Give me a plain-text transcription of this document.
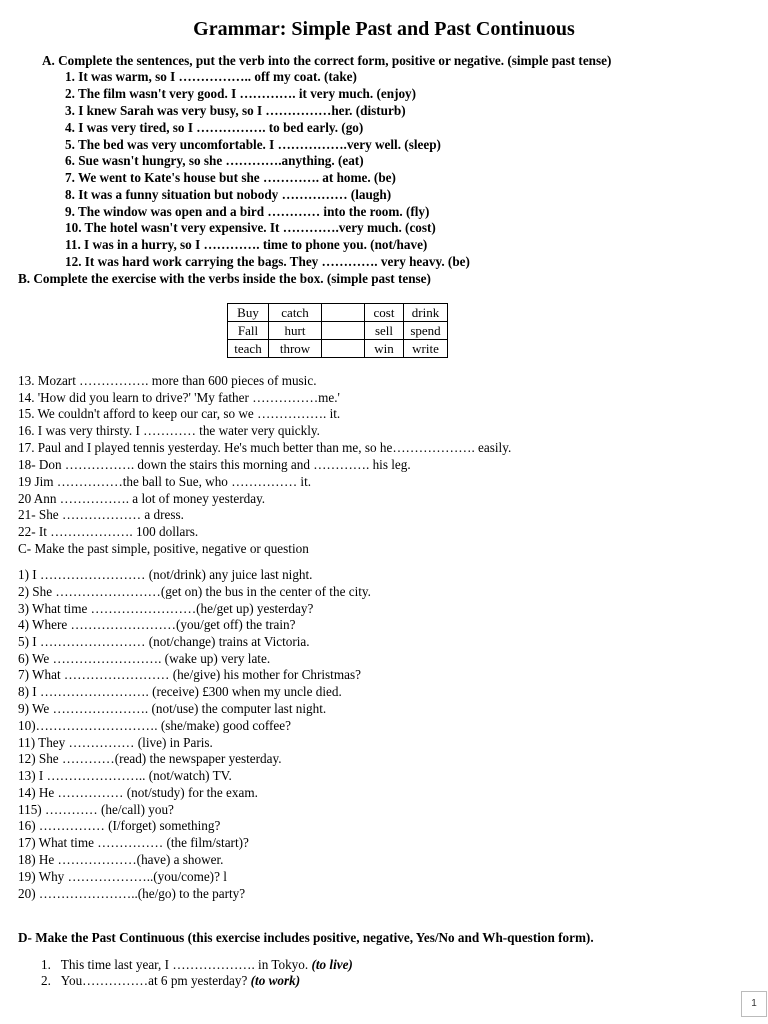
Grammar: Simple Past and Past Continuous
A. Complete the sentences, put the verb into the correct form, positive or negative. (simple past tense)
1. It was warm, so I …………….. off my coat. (take)
2. The film wasn't very good. I …………. it very much. (enjoy)
3. I knew Sarah was very busy, so I ……………her. (disturb)
4. I was very tired, so I ……………. to bed early. (go)
5. The bed was very uncomfortable. I …………….very well. (sleep)
6. Sue wasn't hungry, so she ………….anything. (eat)
7. We went to Kate's house but she …………. at home. (be)
8. It was a funny situation but nobody …………… (laugh)
9. The window was open and a bird ………… into the room. (fly)
10. The hotel wasn't very expensive. It ………….very much. (cost)
11. I was in a hurry, so I …………. time to phone you. (not/have)
12. It was hard work carrying the bags. They …………. very heavy. (be)
B. Complete the exercise with the verbs inside the box. (simple past tense)
Buy	catch		cost	drink
Fall	hurt		sell	spend
teach	throw		win	write
13. Mozart ……………. more than 600 pieces of music.
14. 'How did you learn to drive?' 'My father ……………me.'
15. We couldn't afford to keep our car, so we ……………. it.
16. I was very thirsty. I ………… the water very quickly.
17. Paul and I played tennis yesterday. He's much better than me, so he………………. easily.
18- Don ……………. down the stairs this morning and …………. his leg.
19 Jim ……………the ball to Sue, who …………… it.
20 Ann ……………. a lot of money yesterday.
21- She ……………… a dress.
22- It ………………. 100 dollars.
C- Make the past simple, positive, negative or question
1) I …………………… (not/drink) any juice last night.
2) She ……………………(get on) the bus in the center of the city.
3) What time ……………………(he/get up) yesterday?
4) Where ……………………(you/get off) the train?
5) I …………………… (not/change) trains at Victoria.
6) We ……………………. (wake up) very late.
7) What …………………… (he/give) his mother for Christmas?
8) I ……………………. (receive) £300 when my uncle died.
9) We …………………. (not/use) the computer last night.
10)………………………. (she/make) good coffee?
11) They …………… (live) in Paris.
12) She …………(read) the newspaper yesterday.
13) I ………………….. (not/watch) TV.
14) He …………… (not/study) for the exam.
115) ………… (he/call) you?
16) …………… (I/forget) something?
17) What time …………… (the film/start)?
18) He ………………(have) a shower.
19) Why ………………..(you/come)? l
20) …………………..(he/go) to the party?
D- Make the Past Continuous (this exercise includes positive, negative, Yes/No and Wh-question form).
1. This time last year, I ………………. in Tokyo. (to live)
2. You……………at 6 pm yesterday? (to work)
1
